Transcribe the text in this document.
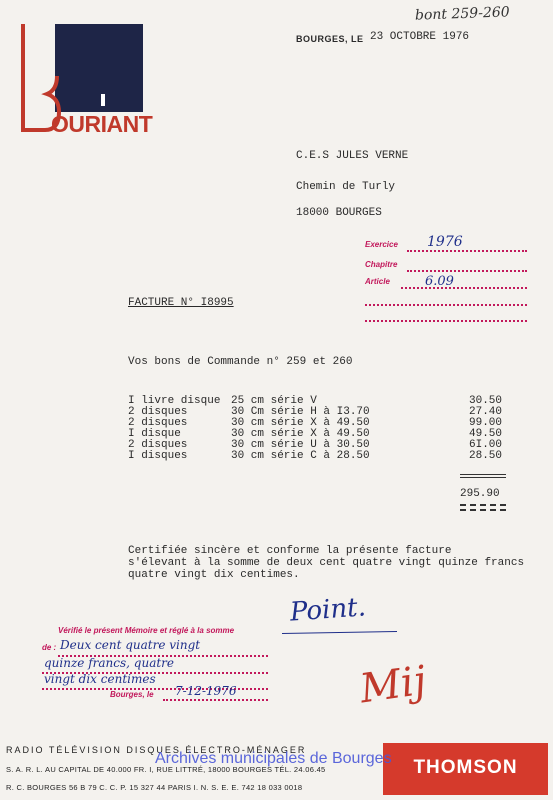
bont 259-260
OURIANT
BOURGES, LE 23 OCTOBRE 1976
C.E.S JULES VERNE
Chemin de Turly
18000 BOURGES
Exercice 1976
Chapitre
Article	6.09
FACTURE N° I8995
Vos bons de Commande n° 259 et 260
I livre disque 25 cm série V	30.50
2 disques	30 Cm série H à I3.70	27.40
2 disques	30 cm série X à 49.50	99.00
I disque	30 cm série X à 49.50	49.50
2 disques	30 cm série U à 30.50	6I.00
I disques	30 cm série C à 28.50	28.50
295.90
Certifiée sincère et conforme la présente facture
s'élevant à la somme de deux cent quatre vingt quinze francs
quatre vingt dix centimes.
Point.
Mij
Vérifié le présent Mémoire et réglé à la somme
de : Deux cent quatre vingt
quinze francs, quatre
vingt dix centimes
Bourges, le 7-12-1976
RADIO TÉLÉVISION DISQUES ÉLECTRO-MÉNAGER
S. A. R. L. AU CAPITAL DE 40.000 FR. I, RUE LITTRÉ, 18000 BOURGES TÉL. 24.06.45
R. C. BOURGES 56 B 79 C. C. P. 15 327 44 PARIS I. N. S. E. E. 742 18 033 0018
THOMSON
Archives municipales de Bourges
